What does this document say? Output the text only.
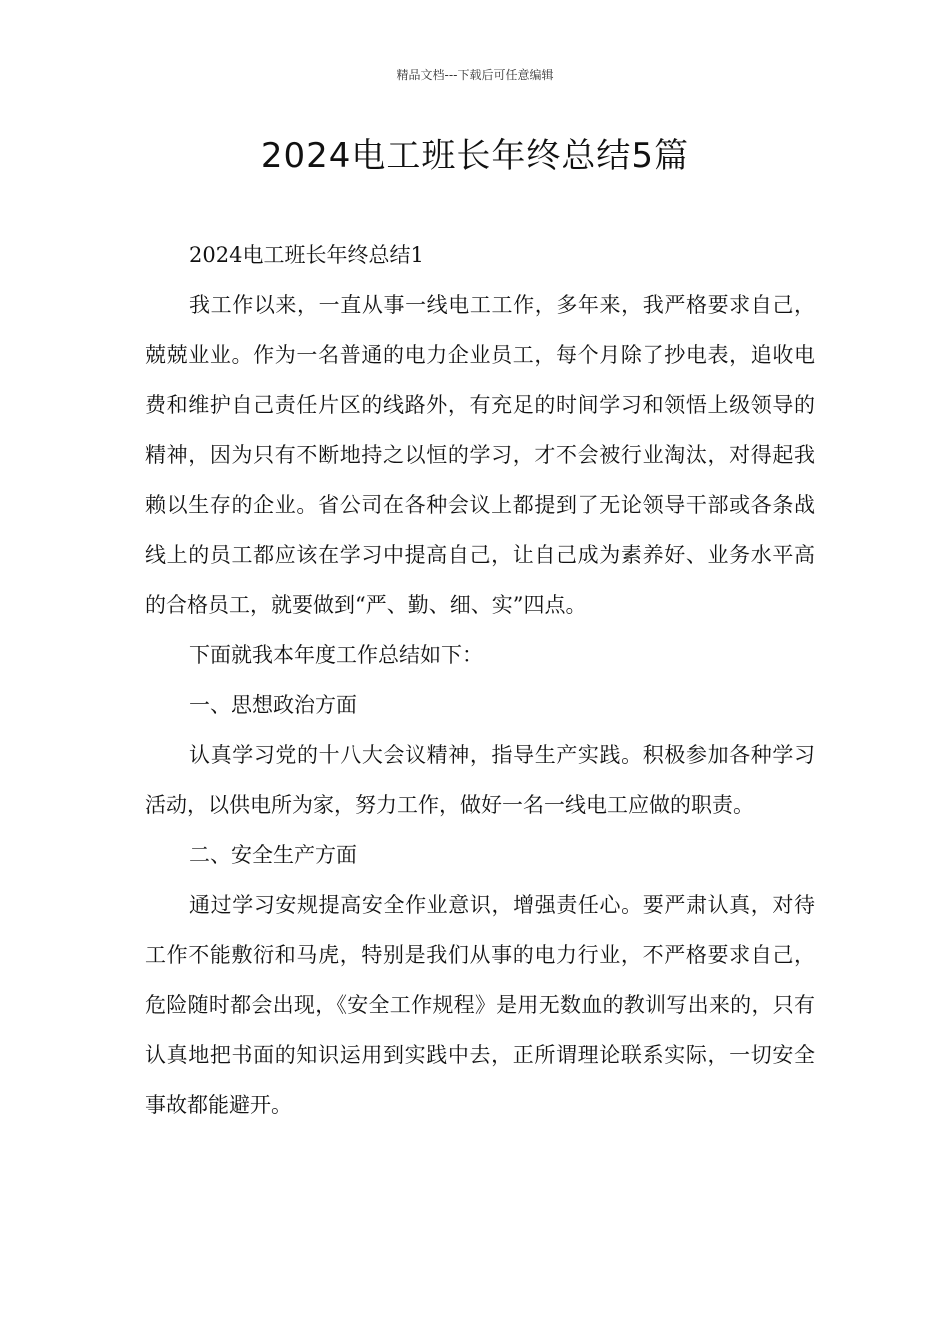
精品文档---下载后可任意编辑
2024电工班长年终总结5篇

2024电工班长年终总结1

我工作以来，一直从事一线电工工作，多年来，我严格要求自己，兢兢业业。作为一名普通的电力企业员工，每个月除了抄电表，追收电费和维护自己责任片区的线路外，有充足的时间学习和领悟上级领导的精神，因为只有不断地持之以恒的学习，才不会被行业淘汰，对得起我赖以生存的企业。省公司在各种会议上都提到了无论领导干部或各条战线上的员工都应该在学习中提高自己，让自己成为素养好、业务水平高的合格员工，就要做到“严、勤、细、实”四点。

下面就我本年度工作总结如下：

一、思想政治方面

认真学习党的十八大会议精神，指导生产实践。积极参加各种学习活动，以供电所为家，努力工作，做好一名一线电工应做的职责。

二、安全生产方面

通过学习安规提高安全作业意识，增强责任心。要严肃认真，对待工作不能敷衍和马虎，特别是我们从事的电力行业，不严格要求自己，危险随时都会出现，《安全工作规程》是用无数血的教训写出来的，只有认真地把书面的知识运用到实践中去，正所谓理论联系实际，一切安全事故都能避开。
